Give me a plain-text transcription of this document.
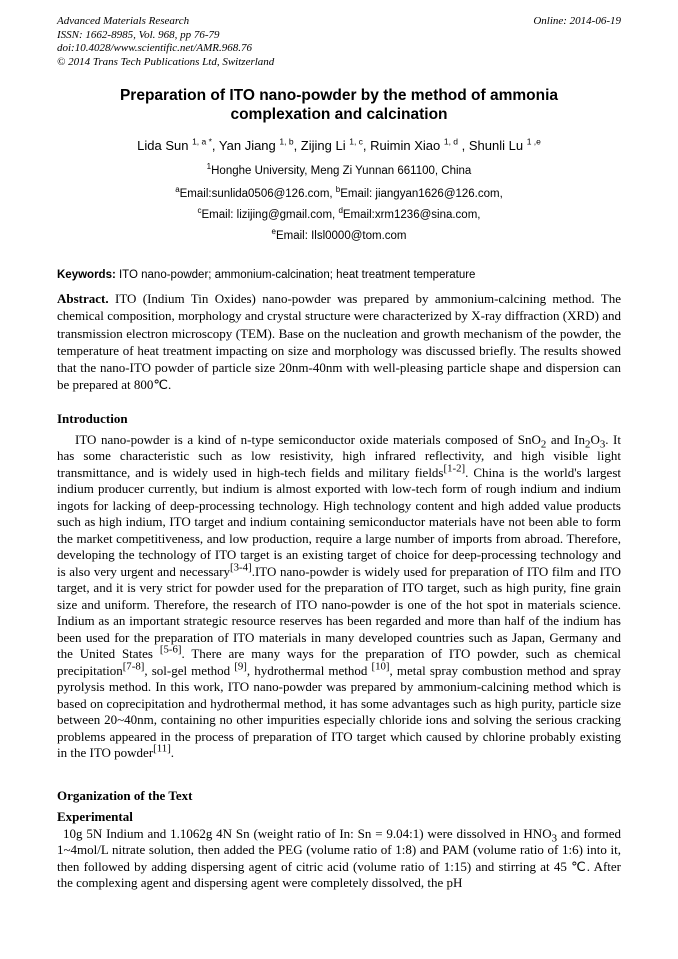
Advanced Materials Research
ISSN: 1662-8985, Vol. 968, pp 76-79
doi:10.4028/www.scientific.net/AMR.968.76
© 2014 Trans Tech Publications Ltd, Switzerland
Online: 2014-06-19
Preparation of ITO nano-powder by the method of ammonia complexation and calcination
Lida Sun $^{1, a *}$, Yan Jiang $^{1, b}$, Zijing Li $^{1, c}$, Ruimin Xiao $^{1, d}$ , Shunli Lu $^{1 ,e}$
$^1$Honghe University, Meng Zi Yunnan 661100, China
$^a$Email:sunlida0506@126.com, $^b$Email: jiangyan1626@126.com,
$^c$Email: lizijing@gmail.com, $^d$Email:xrm1236@sina.com,
$^e$Email: Ilsl0000@tom.com
Keywords: ITO nano-powder; ammonium-calcination; heat treatment temperature
Abstract. ITO (Indium Tin Oxides) nano-powder was prepared by ammonium-calcining method. The chemical composition, morphology and crystal structure were characterized by X-ray diffraction (XRD) and transmission electron microscopy (TEM). Base on the nucleation and growth mechanism of the powder, the temperature of heat treatment impacting on size and morphology was discussed briefly. The results showed that the nano-ITO powder of particle size 20nm-40nm with well-pleasing particle shape and dispersion can be prepared at 800℃.
Introduction
ITO nano-powder is a kind of n-type semiconductor oxide materials composed of SnO$_2$ and $In_2O_3$. It has some characteristic such as low resistivity, high infrared reflectivity, and high visible light transmittance, and is widely used in high-tech fields and military fields[1-2]. China is the world's largest indium producer currently, but indium is almost exported with low-tech form of rough indium and indium ingots for lacking of deep-processing technology. High technology content and high added value products such as high indium, ITO target and indium containing semiconductor materials have not been able to form the market competitiveness, and low production, require a large number of imports from abroad. Therefore, developing the technology of ITO target is an existing target of choice for deep-processing technology and is also very urgent and necessary[3-4].ITO nano-powder is widely used for preparation of ITO film and ITO target, and it is very strict for powder used for the preparation of ITO target, such as high purity, fine grain size and uniform. Therefore, the research of ITO nano-powder is one of the hot spot in materials science. Indium as an important strategic resource reserves has been regarded and more than half of the indium has been used for the preparation of ITO materials in many developed countries such as Japan, Germany and the United States [5-6]. There are many ways for the preparation of ITO powder, such as chemical precipitation[7-8], sol-gel method [9], hydrothermal method [10], metal spray combustion method and spray pyrolysis method. In this work, ITO nano-powder was prepared by ammonium-calcining method which is based on coprecipitation and hydrothermal method, it has some advantages such as high purity, particle size between 20~40nm, containing no other impurities especially chloride ions and solving the serious cracking problems appeared in the process of preparation of ITO target which caused by chlorine probably existing in the ITO powder[11].
Organization of the Text
Experimental
10g 5N Indium and 1.1062g 4N Sn (weight ratio of In: Sn = 9.04:1) were dissolved in $HNO_3$ and formed 1~4mol/L nitrate solution, then added the PEG (volume ratio of 1:8) and PAM (volume ratio of 1:6) into it, then followed by adding dispersing agent of citric acid (volume ratio of 1:15) and stirring at 45 ℃. After the complexing agent and dispersing agent were completely dissolved, the pH
